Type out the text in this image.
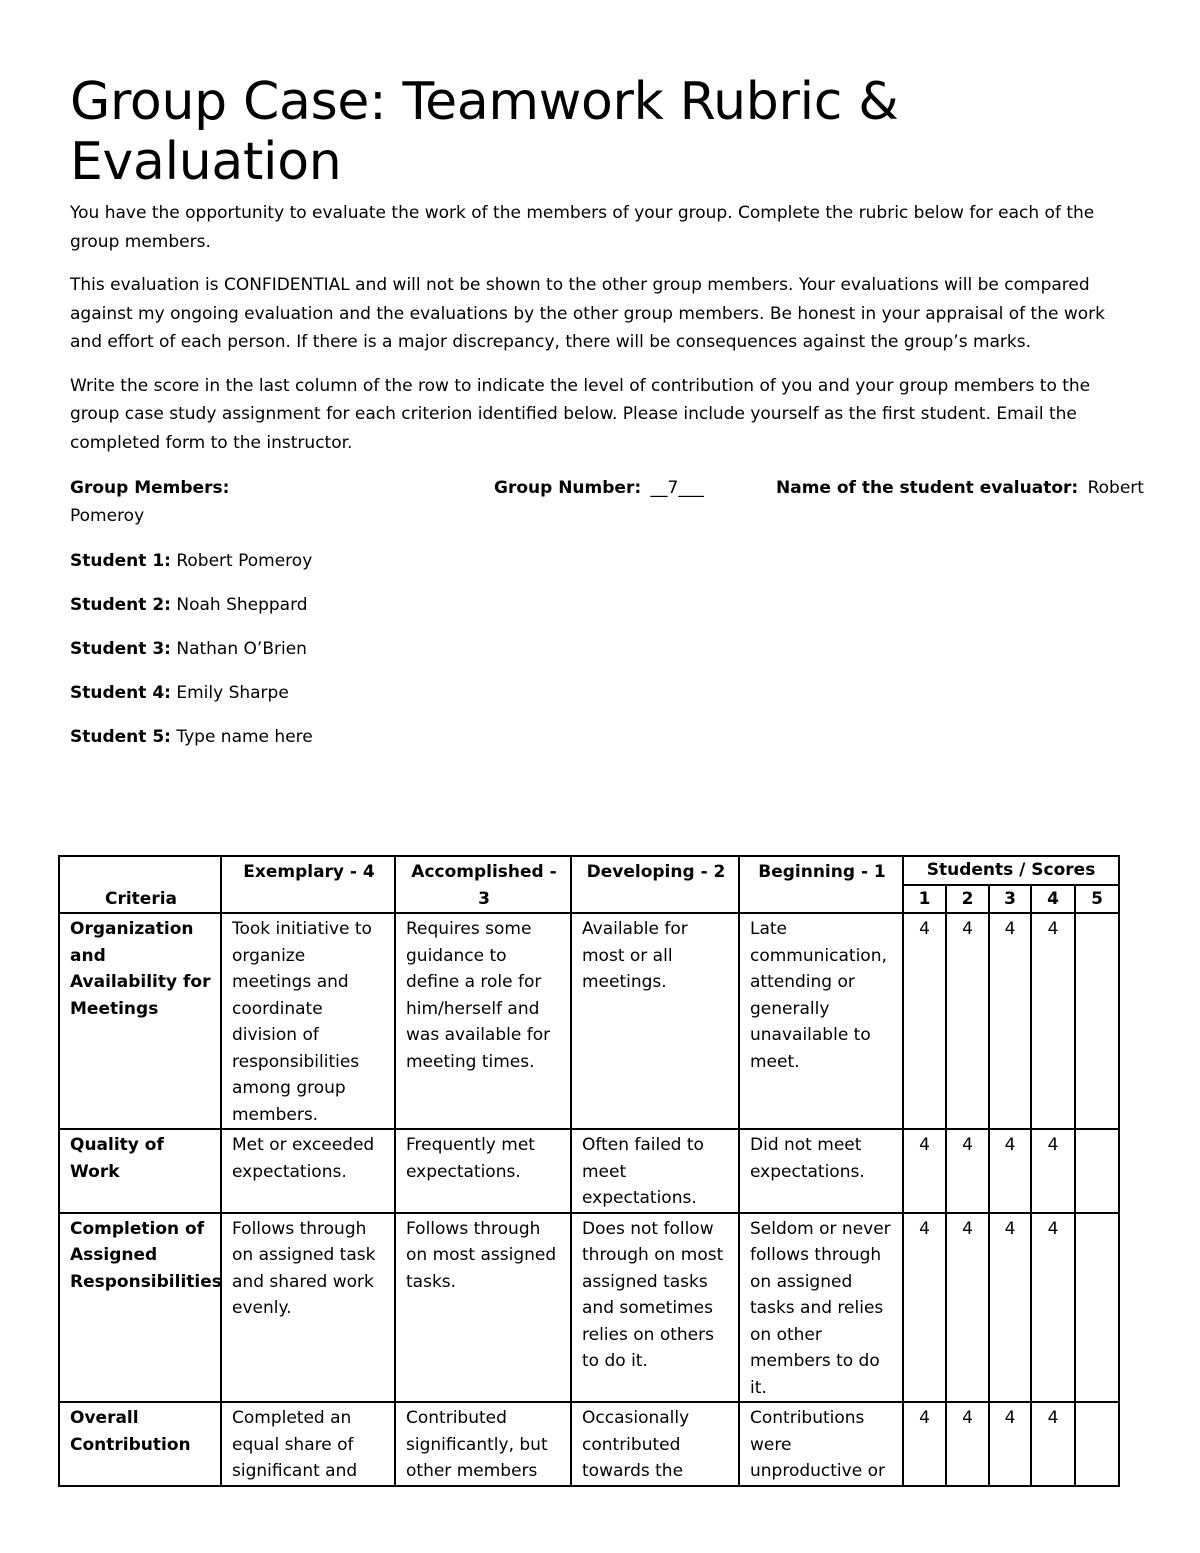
Group Case: Teamwork Rubric & Evaluation

You have the opportunity to evaluate the work of the members of your group. Complete the rubric below for each of the group members.

This evaluation is CONFIDENTIAL and will not be shown to the other group members. Your evaluations will be compared against my ongoing evaluation and the evaluations by the other group members. Be honest in your appraisal of the work and effort of each person. If there is a major discrepancy, there will be consequences against the group’s marks.

Write the score in the last column of the row to indicate the level of contribution of you and your group members to the group case study assignment for each criterion identified below. Please include yourself as the first student. Email the completed form to the instructor.

Group Members:	Group Number: __7___	Name of the student evaluator: Robert
Pomeroy
Student 1: Robert Pomeroy
Student 2: Noah Sheppard
Student 3: Nathan O’Brien
Student 4: Emily Sharpe
Student 5: Type name here
Criteria	Exemplary - 4	Accomplished - 3	Developing - 2	Beginning - 1	Students / Scores				
					1	2	3	4	5
Organization and Availability for Meetings	Took initiative to organize meetings and coordinate division of responsibilities among group members.	Requires some guidance to define a role for him/herself and was available for meeting times.	Available for most or all meetings.	Late communication, attending or generally unavailable to meet.	4	4	4	4	
Quality of Work	Met or exceeded expectations.	Frequently met expectations.	Often failed to meet expectations.	Did not meet expectations.	4	4	4	4	
Completion of Assigned Responsibilities	Follows through on assigned task and shared work evenly.	Follows through on most assigned tasks.	Does not follow through on most assigned tasks and sometimes relies on others to do it.	Seldom or never follows through on assigned tasks and relies on other members to do it.	4	4	4	4	
Overall Contribution	Completed an equal share of significant and	Contributed significantly, but other members	Occasionally contributed towards the	Contributions were unproductive or	4	4	4	4	
